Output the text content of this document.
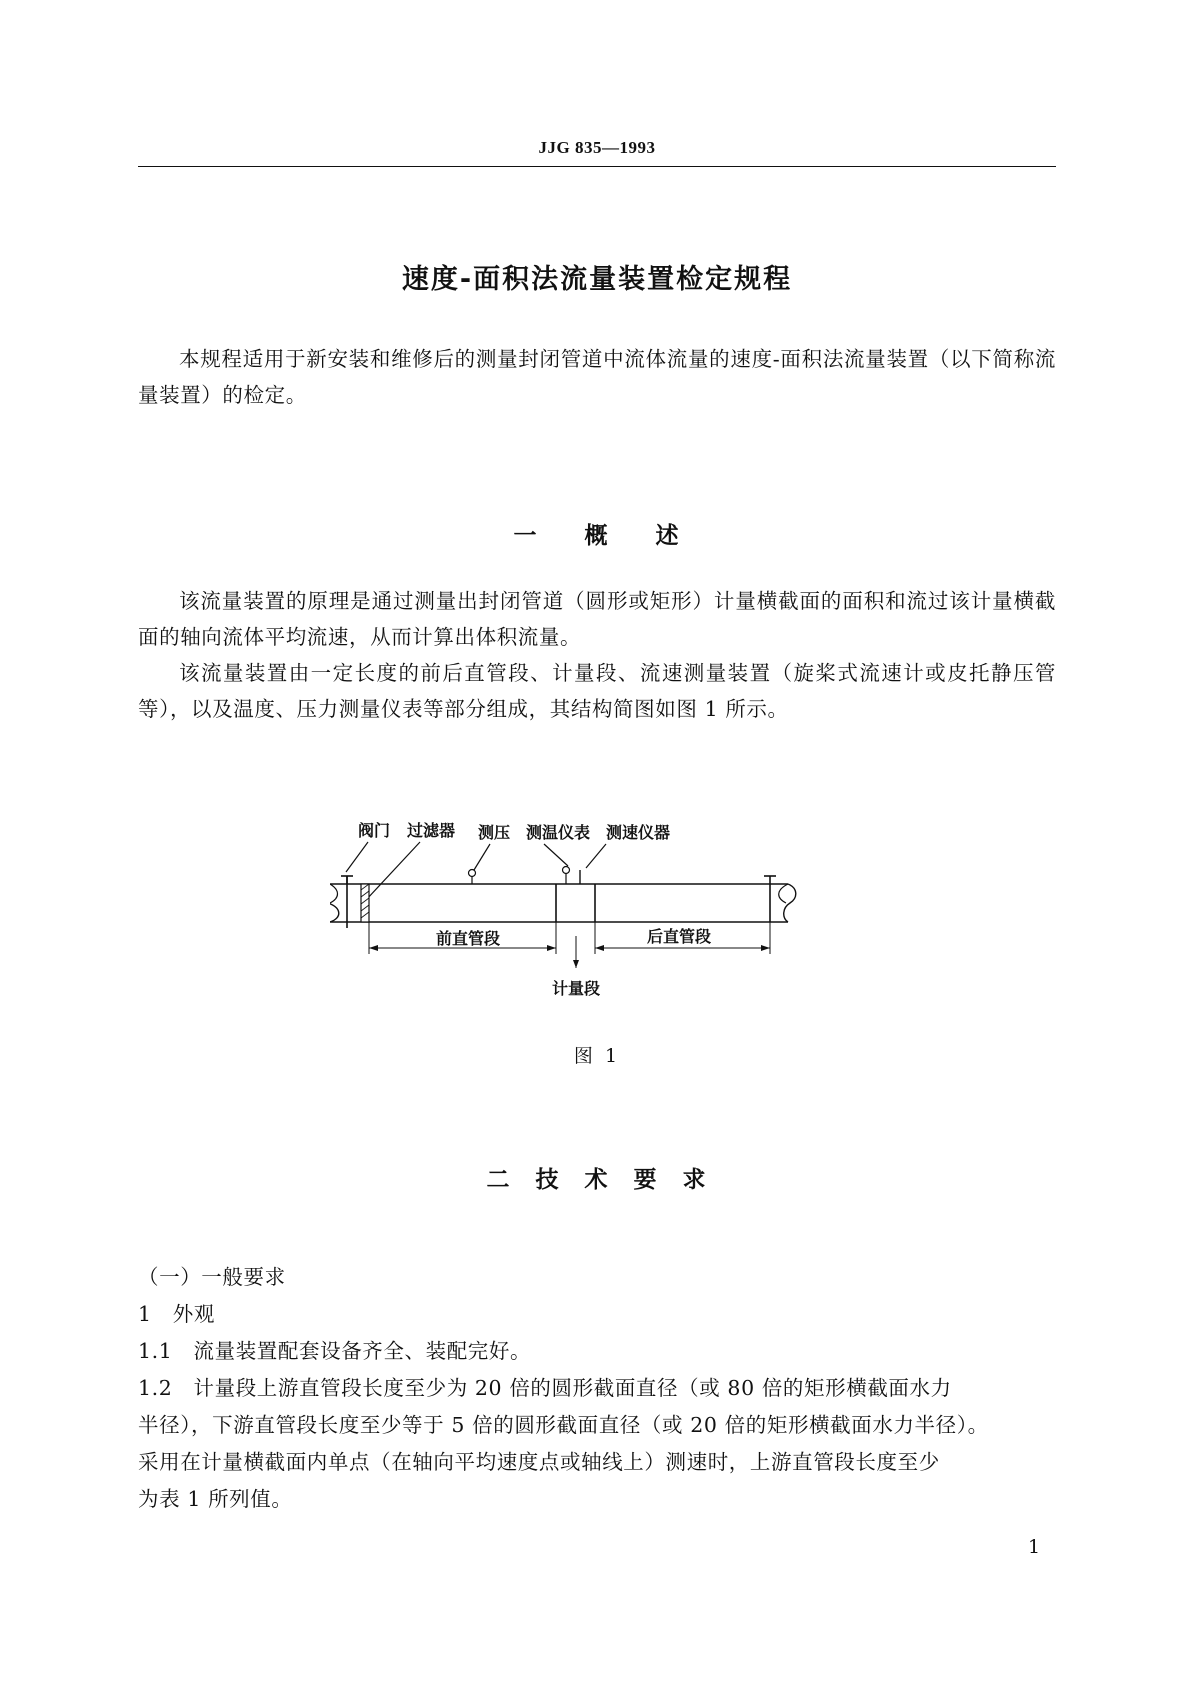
JJG 835—1993
速度-面积法流量装置检定规程
本规程适用于新安装和维修后的测量封闭管道中流体流量的速度-面积法流量装置（以下简称流量装置）的检定。
一 概 述
该流量装置的原理是通过测量出封闭管道（圆形或矩形）计量横截面的面积和流过该计量横截面的轴向流体平均流速，从而计算出体积流量。
该流量装置由一定长度的前后直管段、计量段、流速测量装置（旋桨式流速计或皮托静压管等），以及温度、压力测量仪表等部分组成，其结构简图如图 1 所示。
阀门 过滤器 测压 测温仪表 测速仪器
前直管段	后直管段
计量段
图 1
二 技 术 要 求
（一）一般要求
1　外观
1.1　流量装置配套设备齐全、装配完好。
1.2　计量段上游直管段长度至少为 20 倍的圆形截面直径（或 80 倍的矩形横截面水力
半径），下游直管段长度至少等于 5 倍的圆形截面直径（或 20 倍的矩形横截面水力半径）。
采用在计量横截面内单点（在轴向平均速度点或轴线上）测速时，上游直管段长度至少
为表 1 所列值。
1
